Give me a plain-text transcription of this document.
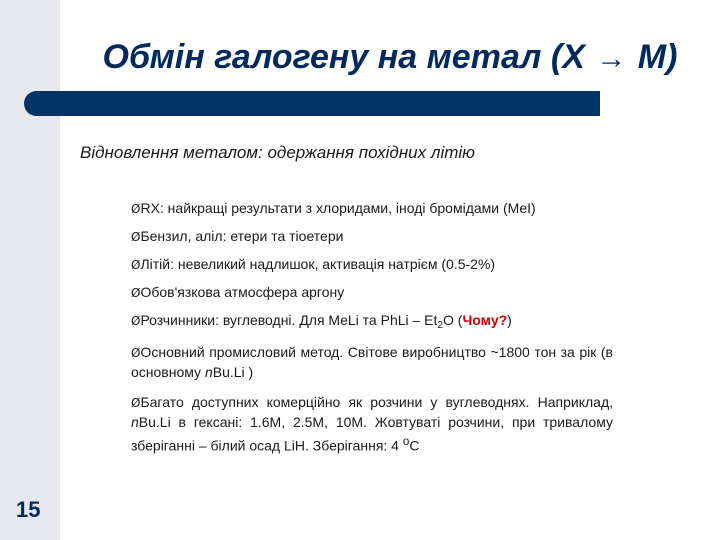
Обмін галогену на метал (X → M)
Відновлення металом: одержання похідних літію
ØRX: найкращі результати з хлоридами, іноді бромідами (MeI)
ØБензил, аліл: етери та тіоетери
ØЛітій: невеликий надлишок, активація натрієм (0.5-2%)
ØОбов'язкова атмосфера аргону
ØРозчинники: вуглеводні. Для MeLi та PhLi – $Et_2O$ (Чому?)
ØОсновний промисловий метод. Світове виробництво ~1800 тон за рік (в основному nBu.Li )
ØБагато доступних комерційно як розчини у вуглеводнях. Наприклад, nBu.Li в гексані: 1.6M, 2.5M, 10M. Жовтуваті розчини, при тривалому зберіганні – білий осад LiH. Зберігання: 4 $^o$C
15
